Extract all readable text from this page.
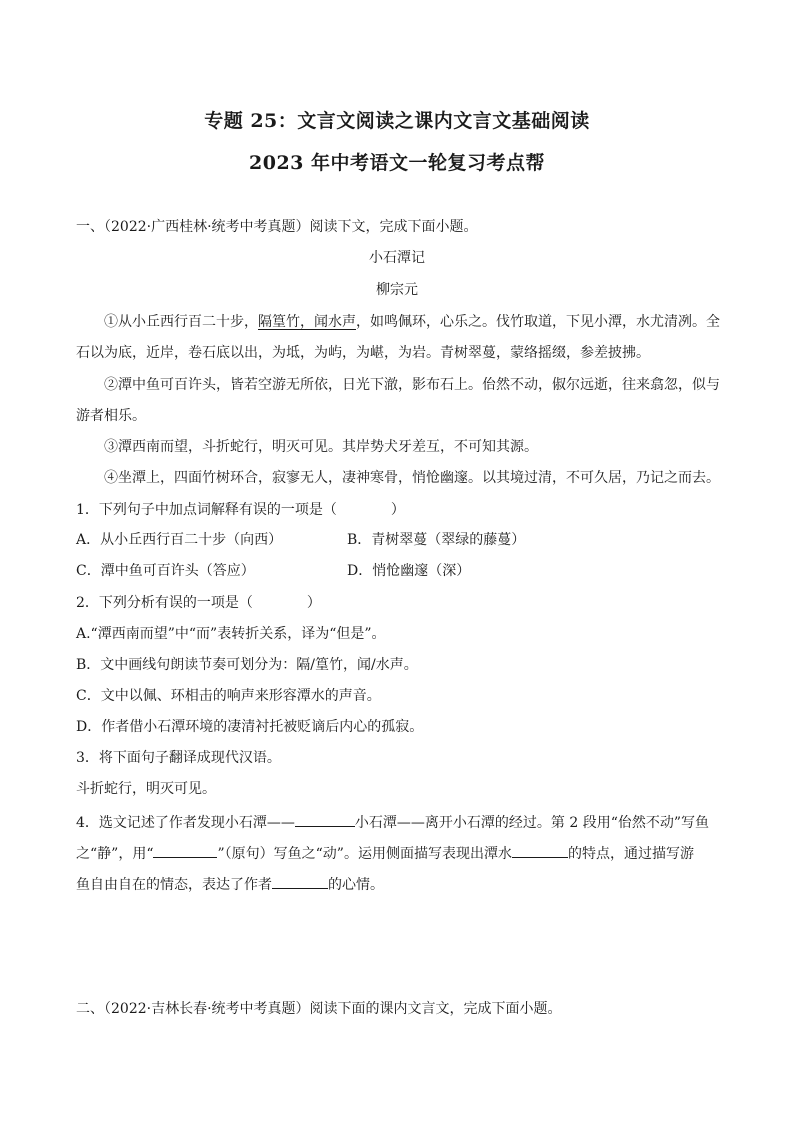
专题 25：文言文阅读之课内文言文基础阅读
2023 年中考语文一轮复习考点帮
一、（2022·广西桂林·统考中考真题）阅读下文，完成下面小题。
小石潭记
柳宗元
①从小丘西行百二十步，隔篁竹，闻水声，如鸣佩环，心乐之。伐竹取道，下见小潭，水尤清冽。全
石以为底，近岸，卷石底以出，为坻，为屿，为嵁，为岩。青树翠蔓，蒙络摇缀，参差披拂。
②潭中鱼可百许头，皆若空游无所依，日光下澈，影布石上。佁然不动，俶尔远逝，往来翕忽，似与
游者相乐。
③潭西南而望，斗折蛇行，明灭可见。其岸势犬牙差互，不可知其源。
④坐潭上，四面竹树环合，寂寥无人，凄神寒骨，悄怆幽邃。以其境过清，不可久居，乃记之而去。
1．下列句子中加点词解释有误的一项是（	）
A．从小丘西行百二十步（向西）	B．青树翠蔓（翠绿的藤蔓）
C．潭中鱼可百许头（答应）	D．悄怆幽邃（深）
2．下列分析有误的一项是（	）
A.“潭西南而望”中“而”表转折关系，译为“但是”。
B．文中画线句朗读节奏可划分为：隔/篁竹，闻/水声。
C．文中以佩、环相击的响声来形容潭水的声音。
D．作者借小石潭环境的凄清衬托被贬谪后内心的孤寂。
3．将下面句子翻译成现代汉语。
斗折蛇行，明灭可见。
4．选文记述了作者发现小石潭——	小石潭——离开小石潭的经过。第 2 段用“佁然不动”写鱼
之“静”，用“	”（原句）写鱼之“动”。运用侧面描写表现出潭水	的特点，通过描写游
鱼自由自在的情态，表达了作者	的心情。
二、（2022·吉林长春·统考中考真题）阅读下面的课内文言文，完成下面小题。
